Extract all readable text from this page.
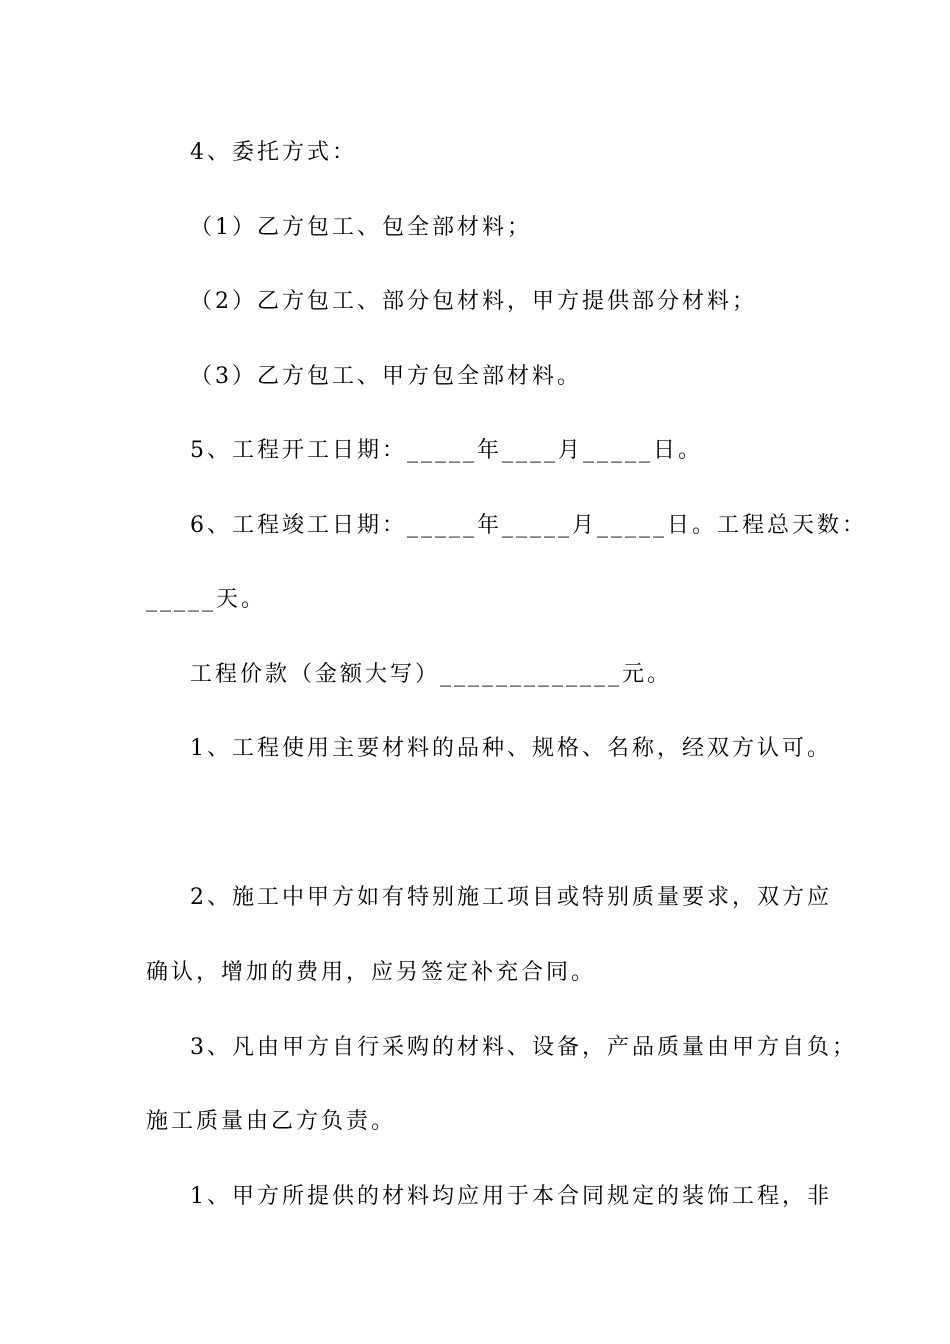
4、委托方式：
（1）乙方包工、包全部材料；
（2）乙方包工、部分包材料，甲方提供部分材料；
（3）乙方包工、甲方包全部材料。
5、工程开工日期：_____年____月_____日。
6、工程竣工日期：_____年_____月_____日。工程总天数：
_____天。
工程价款（金额大写）_____________元。
1、工程使用主要材料的品种、规格、名称，经双方认可。
2、施工中甲方如有特别施工项目或特别质量要求，双方应
确认，增加的费用，应另签定补充合同。
3、凡由甲方自行采购的材料、设备，产品质量由甲方自负；
施工质量由乙方负责。
1、甲方所提供的材料均应用于本合同规定的装饰工程，非
